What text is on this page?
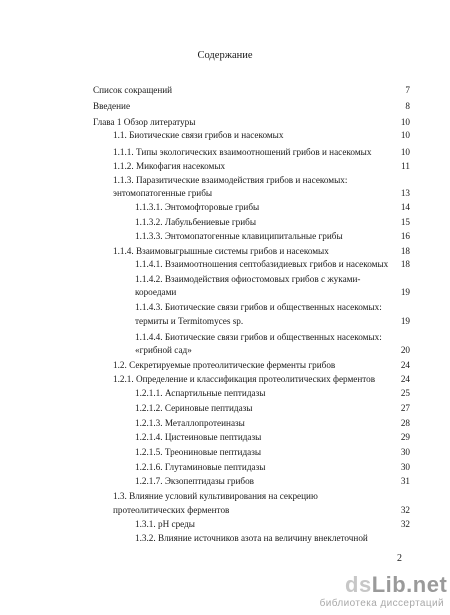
Содержание
Список сокращений	7
Введение	8
Глава 1 Обзор литературы	10
1.1. Биотические связи грибов и насекомых	10
1.1.1. Типы экологических взаимоотношений грибов и насекомых	10
1.1.2. Микофагия насекомых	11
1.1.3. Паразитические взаимодействия грибов и насекомых:
энтомопатогенные грибы	13
1.1.3.1. Энтомофторовые грибы	14
1.1.3.2. Лабульбениевые грибы	15
1.1.3.3. Энтомопатогенные клавиципитальные грибы	16
1.1.4. Взаимовыгрышные системы грибов и насекомых	18
1.1.4.1. Взаимоотношения септобазидиевых грибов и насекомых	18
1.1.4.2. Взаимодействия офиостомовых грибов с жуками-
короедами	19
1.1.4.3. Биотические связи грибов и общественных насекомых:
термиты и Termitomyces sp.	19
1.1.4.4. Биотические связи грибов и общественных насекомых:
«грибной сад»	20
1.2. Секретируемые протеолитические ферменты грибов	24
1.2.1. Определение и классификация протеолитических ферментов	24
1.2.1.1. Аспартильные пептидазы	25
1.2.1.2. Сериновые пептидазы	27
1.2.1.3. Металлопротеиназы	28
1.2.1.4. Цистеиновые пептидазы	29
1.2.1.5. Треониновые пептидазы	30
1.2.1.6. Глутаминовые пептидазы	30
1.2.1.7. Экзопептидазы грибов	31
1.3. Влияние условий культивирования на секрецию
протеолитических ферментов	32
1.3.1. pH среды	32
1.3.2. Влияние источников азота на величину внеклеточной
2
dsLib.net
библиотека диссертаций
